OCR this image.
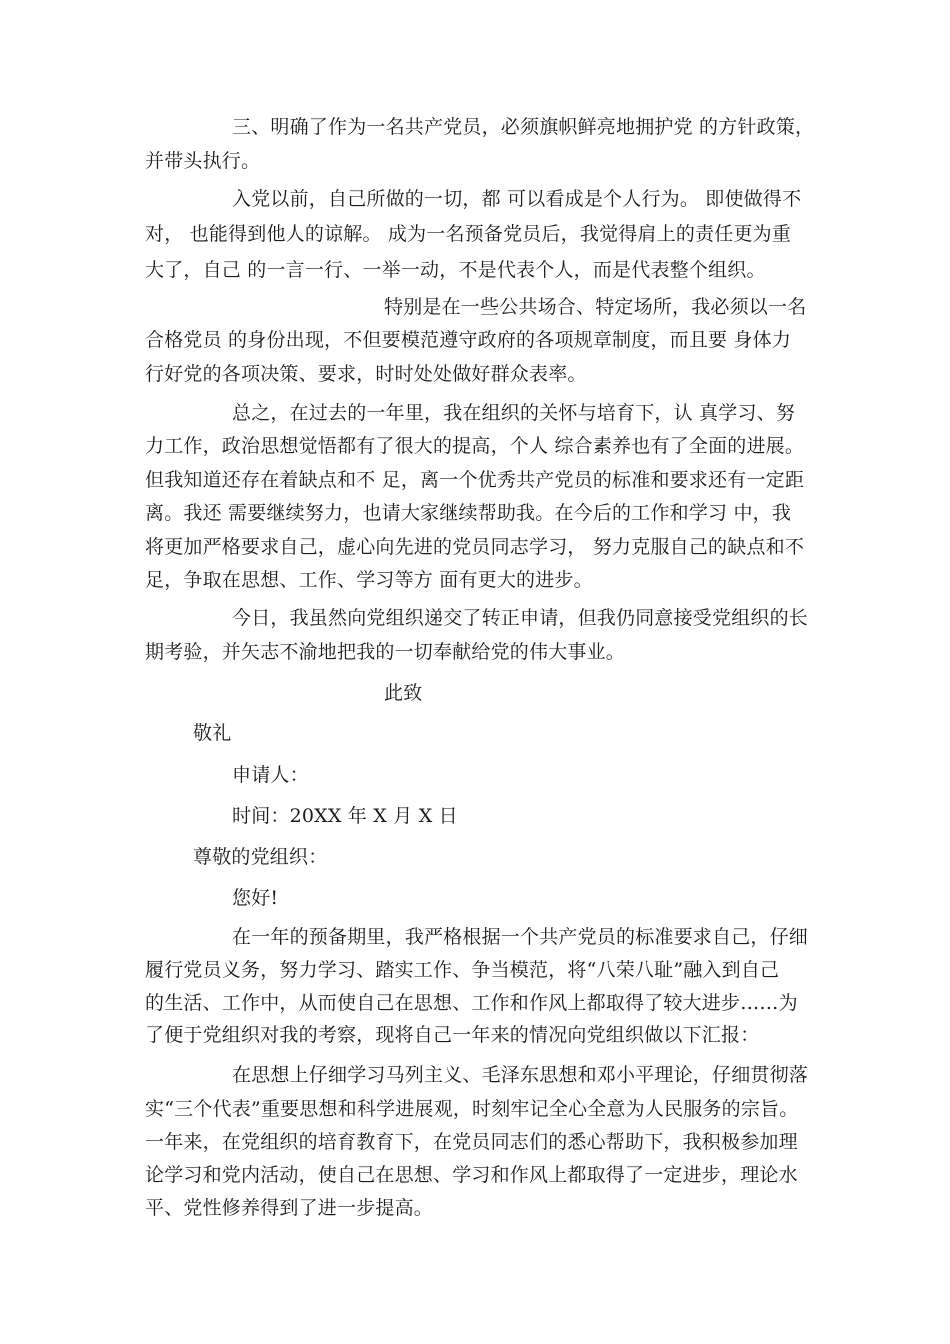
三、明确了作为一名共产党员，必须旗帜鲜亮地拥护党 的方针政策，
并带头执行。
入党以前，自己所做的一切，都 可以看成是个人行为。 即使做得不
对， 也能得到他人的谅解。 成为一名预备党员后，我觉得肩上的责任更为重
大了，自己 的一言一行、一举一动，不是代表个人，而是代表整个组织。
特别是在一些公共场合、特定场所，我必须以一名
合格党员 的身份出现，不但要模范遵守政府的各项规章制度，而且要 身体力
行好党的各项决策、要求，时时处处做好群众表率。
总之，在过去的一年里，我在组织的关怀与培育下，认 真学习、努
力工作，政治思想觉悟都有了很大的提高，个人 综合素养也有了全面的进展。
但我知道还存在着缺点和不 足，离一个优秀共产党员的标准和要求还有一定距
离。我还 需要继续努力，也请大家继续帮助我。在今后的工作和学习 中，我
将更加严格要求自己，虚心向先进的党员同志学习， 努力克服自己的缺点和不
足，争取在思想、工作、学习等方 面有更大的进步。
今日，我虽然向党组织递交了转正申请，但我仍同意接受党组织的长
期考验，并矢志不渝地把我的一切奉献给党的伟大事业。
此致
敬礼
申请人：
时间：20XX 年 X 月 X 日
尊敬的党组织：
您好!
在一年的预备期里，我严格根据一个共产党员的标准要求自己，仔细
履行党员义务，努力学习、踏实工作、争当模范，将“八荣八耻”融入到自己
的生活、工作中，从而使自己在思想、工作和作风上都取得了较大进步……为
了便于党组织对我的考察，现将自己一年来的情况向党组织做以下汇报：
在思想上仔细学习马列主义、毛泽东思想和邓小平理论，仔细贯彻落
实“三个代表”重要思想和科学进展观，时刻牢记全心全意为人民服务的宗旨。
一年来，在党组织的培育教育下，在党员同志们的悉心帮助下，我积极参加理
论学习和党内活动，使自己在思想、学习和作风上都取得了一定进步，理论水
平、党性修养得到了进一步提高。
